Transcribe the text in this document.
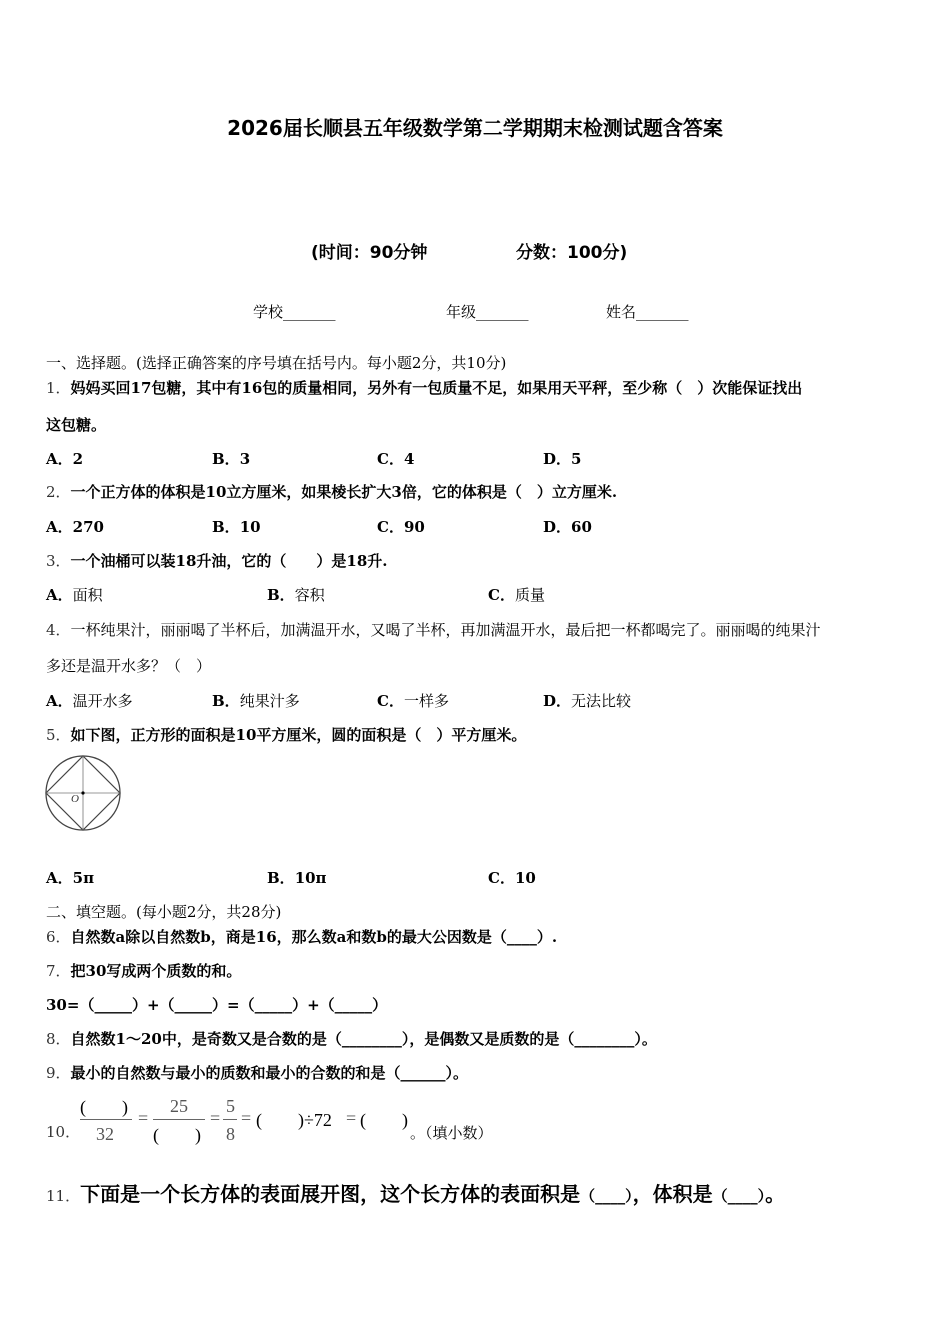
2026届长顺县五年级数学第二学期期末检测试题含答案
(时间：90分钟	分数：100分)
学校_______	年级_______	姓名_______
一、选择题。(选择正确答案的序号填在括号内。每小题2分，共10分)
1．妈妈买回17包糖，其中有16包的质量相同，另外有一包质量不足，如果用天平秤，至少称（　）次能保证找出
这包糖。
A．2	B．3	C．4	D．5
2．一个正方体的体积是10立方厘米，如果棱长扩大3倍，它的体积是（　）立方厘米.
A．270	B．10	C．90	D．60
3．一个油桶可以装18升油，它的（　　）是18升.
A．面积	B．容积	C．质量
4．一杯纯果汁，丽丽喝了半杯后，加满温开水，又喝了半杯，再加满温开水，最后把一杯都喝完了。丽丽喝的纯果汁
多还是温开水多？（　）
A．温开水多	B．纯果汁多	C．一样多	D．无法比较
5．如下图，正方形的面积是10平方厘米，圆的面积是（　）平方厘米。
O
A．5π	B．10π	C．10
二、填空题。(每小题2分，共28分)
6．自然数a除以自然数b，商是16，那么数a和数b的最大公因数是（____）.
7．把30写成两个质数的和。
30=（_____）+（_____）=（_____）+（_____）
8．自然数1～20中，是奇数又是合数的是（________），是偶数又是质数的是（________）。
9．最小的自然数与最小的质数和最小的合数的和是（______）。
10．
(　　)
32
=
25
(　　)
=
5
8
= (　　)÷72 = (　　)
。（填小数）
11．下面是一个长方体的表面展开图，这个长方体的表面积是（____），体积是（____）。
